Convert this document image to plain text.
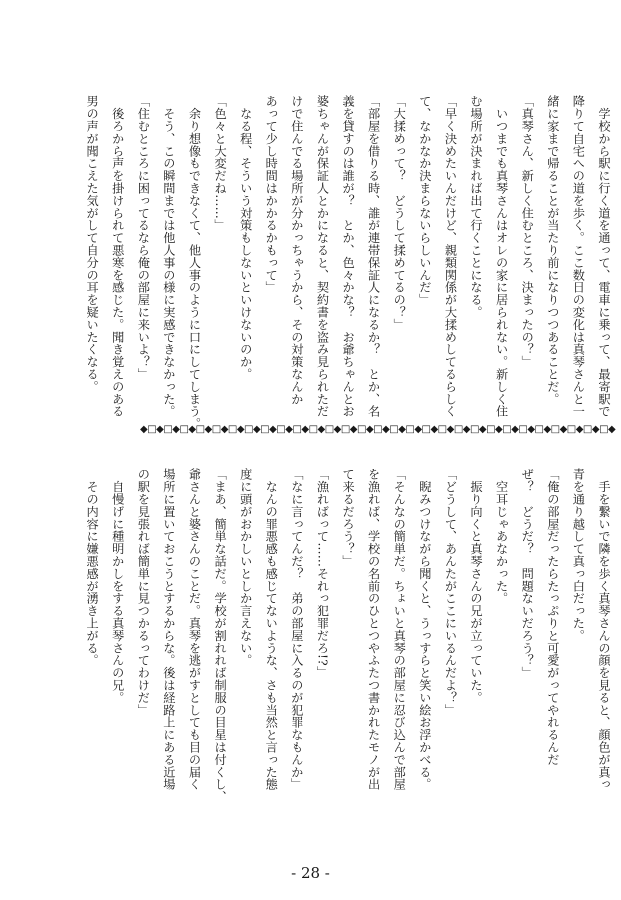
　学校から駅に行く道を通って、電車に乗って、最寄駅で
降りて自宅への道を歩く。ここ数日の変化は真琴さんと一
緒に家まで帰ることが当たり前になりつつあることだ。
「真琴さん、新しく住むところ、決まったの？」
　いつまでも真琴さんはオレの家に居られない。新しく住
む場所が決まれば出て行くことになる。
「早く決めたいんだけど、親類関係が大揉めしてるらしく
て、なかなか決まらないらしいんだ」
「大揉めって？　どうして揉めてるの？」
「部屋を借りる時、誰が連帯保証人になるか？　とか、名
義を貸すのは誰が？　とか、色々かな？　お爺ちゃんとお
婆ちゃんが保証人とかになると、契約書を盗み見られただ
けで住んでる場所が分かっちゃうから、その対策なんか
あって少し時間はかかるかもって」
　なる程、そういう対策もしないといけないのか。
「色々と大変だね……」
　余り想像もできなくて、他人事のように口にしてしまう。
　そう、この瞬間までは他人事の様に実感できなかった。
「住むところに困ってるなら俺の部屋に来いよ？」
　後ろから声を掛けられて悪寒を感じた。聞き覚えのある
男の声が聞こえた気がして自分の耳を疑いたくなる。
◆□◆□◆□◆□◆□◆□◆□◆□◆□◆□◆□◆□◆□◆□◆□◆□◆□◆□◆□◆□◆□◆□◆□◆□◆□◆□◆□◆□◆□◆
　手を繋いで隣を歩く真琴さんの顔を見ると、顔色が真っ
青を通り越して真っ白だった。
「俺の部屋だったらたっぷりと可愛がってやれるんだ
ぜ？　どうだ？　問題ないだろう？」
　空耳じゃあなかった。
　振り向くと真琴さんの兄が立っていた。
「どうして、あんたがここにいるんだよ？」
　睨みつけながら聞くと、うっすらと笑い絵お浮かべる。
「そんなの簡単だ。ちょいと真琴の部屋に忍び込んで部屋
を漁れば、学校の名前のひとつやふたつ書かれたモノが出
て来るだろう？」
「漁ればって……それっ犯罪だろ!?」
「なに言ってんだ？　弟の部屋に入るのが犯罪なもんか」
　なんの罪悪感も感じてないような、さも当然と言った態
度に頭がおかしいとしか言えない。
「まあ、簡単な話だ。学校が割れれば制服の目星は付くし、
爺さんと婆さんのことだ。真琴を逃がすとしても目の届く
場所に置いておこうとするからな。後は経路上にある近場
の駅を見張れば簡単に見つかるってわけだ」
　自慢げに種明かしをする真琴さんの兄。
　その内容に嫌悪感が湧き上がる。
- 28 -
